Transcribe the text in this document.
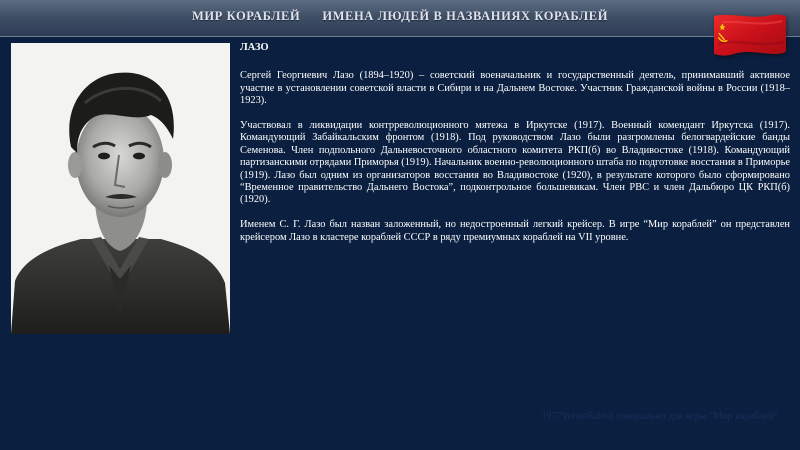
МИР КОРАБЛЕЙ ИМЕНА ЛЮДЕЙ В НАЗВАНИЯХ КОРАБЛЕЙ

ЛАЗО

Сергей Георгиевич Лазо (1894–1920) – советский военачальник и государственный деятель, принимавший активное участие в установлении советской власти в Сибири и на Дальнем Востоке. Участник Гражданской войны в России (1918–1923).

Участвовал в ликвидации контрреволюционного мятежа в Иркутске (1917). Военный комендант Иркутска (1917). Командующий Забайкальским фронтом (1918). Под руководством Лазо были разгромлены белогвардейские банды Семенова. Член подпольного Дальневосточного областного комитета РКП(б) во Владивостоке (1918). Командующий партизанскими отрядами Приморья (1919). Начальник военно-революционного штаба по подготовке восстания в Приморье (1919). Лазо был одним из организаторов восстания во Владивостоке (1920), в результате которого было сформировано “Временное правительство Дальнего Востока”, подконтрольное большевикам. Член РВС и член Дальбюро ЦК РКП(б) (1920).

Именем С. Г. Лазо был назван заложенный, но недостроенный легкий крейсер. В игре “Мир кораблей” он представлен крейсером Лазо в кластере кораблей СССР в ряду премиумных кораблей на VII уровне.

1977VelvetRabbit специально для игры “Мир кораблей”
